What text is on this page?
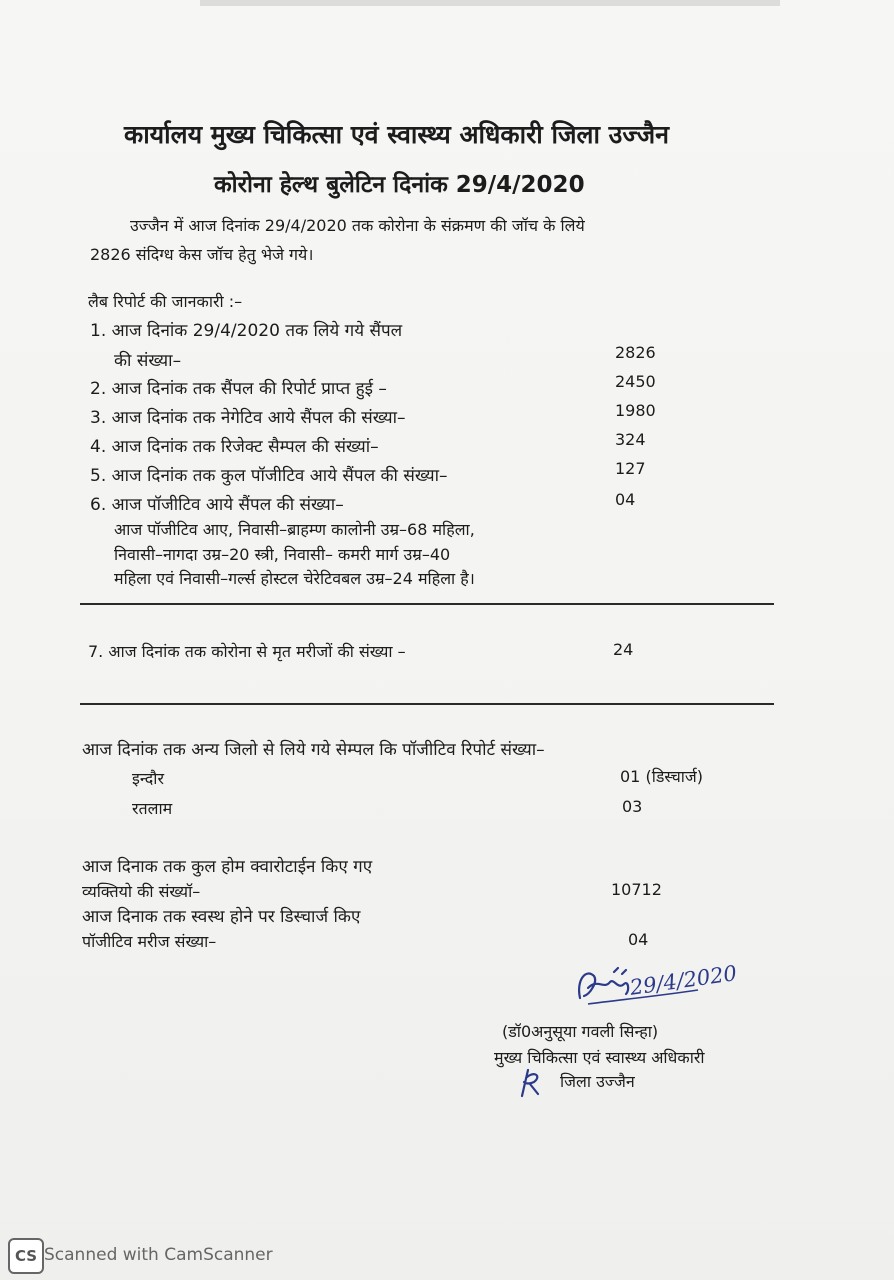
कार्यालय मुख्य चिकित्सा एवं स्वास्थ्य अधिकारी जिला उज्जैन
कोरोना हेल्थ बुलेटिन दिनांक 29/4/2020
उज्जैन में आज दिनांक 29/4/2020 तक कोरोना के संक्रमण की जॉच के लिये
2826 संदिग्ध केस जॉच हेतु भेजे गये।
लैब रिपोर्ट की जानकारी :–
1. आज दिनांक 29/4/2020 तक लिये गये सैंपल
की संख्या–	2826
2. आज दिनांक तक सैंपल की रिपोर्ट प्राप्त हुई –	2450
3. आज दिनांक तक नेगेटिव आये सैंपल की संख्या–	1980
4. आज दिनांक तक रिजेक्ट सैम्पल की संख्यां–	324
5. आज दिनांक तक कुल पॉजीटिव आये सैंपल की संख्या–	127
6. आज पॉजीटिव आये सैंपल की संख्या–	04
आज पॉजीटिव आए, निवासी–ब्राहम्ण कालोनी उम्र–68 महिला,
निवासी–नागदा उम्र–20 स्त्री, निवासी– कमरी मार्ग उम्र–40
महिला एवं निवासी–गर्ल्स होस्टल चेरेटिवबल उम्र–24 महिला है।
7. आज दिनांक तक कोरोना से मृत मरीजों की संख्या –	24
आज दिनांक तक अन्य जिलो से लिये गये सेम्पल कि पॉजीटिव रिपोर्ट संख्या–
इन्दौर	01 (डिस्चार्ज)
रतलाम	03
आज दिनाक तक कुल होम क्वारोटाईन किए गए
व्यक्तियो की संख्यॉ–	10712
आज दिनाक तक स्वस्थ होने पर डिस्चार्ज किए
पॉजीटिव मरीज संख्या–	04
29/4/2020
(डॉ0अनुसूया गवली सिन्हा)
मुख्य चिकित्सा एवं स्वास्थ्य अधिकारी
जिला उज्जैन
CS Scanned with CamScanner
